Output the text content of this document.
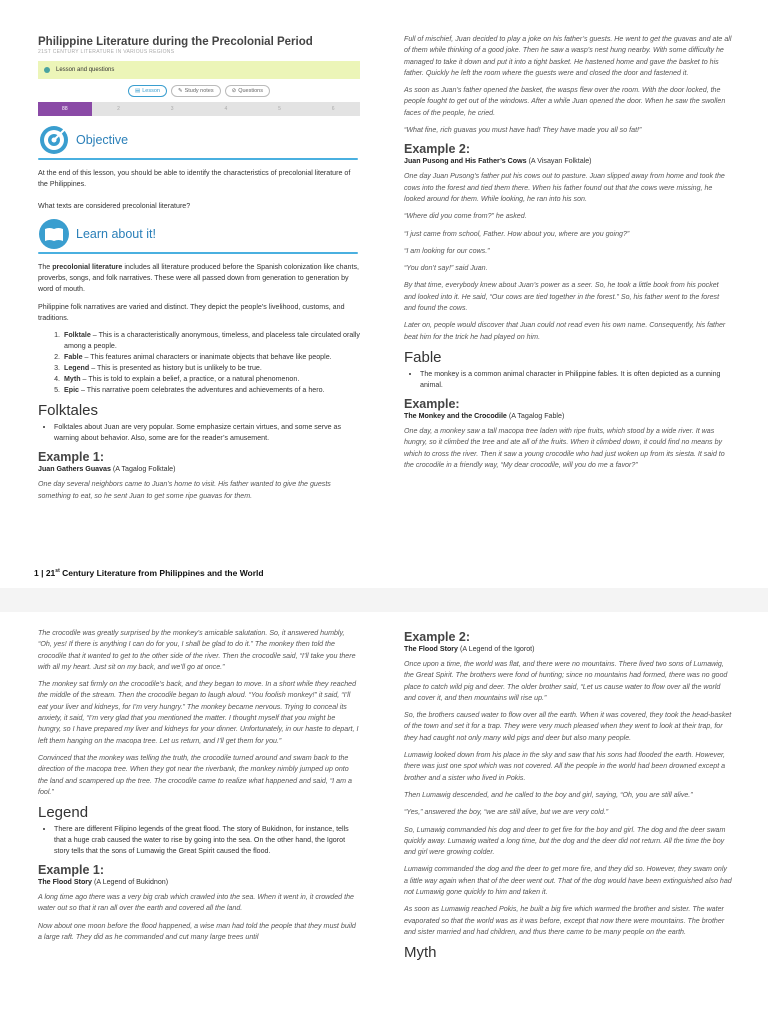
Philippine Literature during the Precolonial Period
21ST CENTURY LITERATURE IN VARIOUS REGIONS
Lesson and questions
▤ Lesson	✎ Study notes	⊘ Questions
88	2	3	4	5	6
Objective

At the end of this lesson, you should be able to identify the characteristics of precolonial literature of the Philippines.

What texts are considered precolonial literature?

Learn about it!

The precolonial literature includes all literature produced before the Spanish colonization like chants, proverbs, songs, and folk narratives. These were all passed down from generation to generation by word of mouth.

Philippine folk narratives are varied and distinct. They depict the people’s livelihood, customs, and traditions.

1. Folktale – This is a characteristically anonymous, timeless, and placeless tale circulated orally among a people.
2. Fable – This features animal characters or inanimate objects that behave like people.
3. Legend – This is presented as history but is unlikely to be true.
4. Myth – This is told to explain a belief, a practice, or a natural phenomenon.
5. Epic – This narrative poem celebrates the adventures and achievements of a hero.
Folktales
• Folktales about Juan are very popular. Some emphasize certain virtues, and some serve as warning about behavior. Also, some are for the reader’s amusement.
Example 1:
Juan Gathers Guavas (A Tagalog Folktale)

One day several neighbors came to Juan’s home to visit. His father wanted to give the guests something to eat, so he sent Juan to get some ripe guavas for them.

Full of mischief, Juan decided to play a joke on his father’s guests. He went to get the guavas and ate all of them while thinking of a good joke. Then he saw a wasp’s nest hung nearby. With some difficulty he managed to take it down and put it into a tight basket. He hastened home and gave the basket to his father. Quickly he left the room where the guests were and closed the door and fastened it.

As soon as Juan’s father opened the basket, the wasps flew over the room. With the door locked, the people fought to get out of the windows. After a while Juan opened the door. When he saw the swollen faces of the people, he cried.

“What fine, rich guavas you must have had! They have made you all so fat!”

Example 2:
Juan Pusong and His Father’s Cows (A Visayan Folktale)

One day Juan Pusong’s father put his cows out to pasture. Juan slipped away from home and took the cows into the forest and tied them there. When his father found out that the cows were missing, he looked around for them. While looking, he ran into his son.

“Where did you come from?” he asked.

“I just came from school, Father. How about you, where are you going?”

“I am looking for our cows.”

“You don’t say!” said Juan.

By that time, everybody knew about Juan’s power as a seer. So, he took a little book from his pocket and looked into it. He said, “Our cows are tied together in the forest.” So, his father went to the forest and found the cows.

Later on, people would discover that Juan could not read even his own name. Consequently, his father beat him for the trick he had played on him.

Fable
• The monkey is a common animal character in Philippine fables. It is often depicted as a cunning animal.
Example:
The Monkey and the Crocodile (A Tagalog Fable)

One day, a monkey saw a tall macopa tree laden with ripe fruits, which stood by a wide river. It was hungry, so it climbed the tree and ate all of the fruits. When it climbed down, it could find no means by which to cross the river. Then it saw a young crocodile who had just woken up from its siesta. It said to the crocodile in a friendly way, “My dear crocodile, will you do me a favor?”

1 | 21st Century Literature from Philippines and the World

The crocodile was greatly surprised by the monkey’s amicable salutation. So, it answered humbly, “Oh, yes! If there is anything I can do for you, I shall be glad to do it.” The monkey then told the crocodile that it wanted to get to the other side of the river. Then the crocodile said, “I’ll take you there with all my heart. Just sit on my back, and we’ll go at once.”

The monkey sat firmly on the crocodile’s back, and they began to move. In a short while they reached the middle of the stream. Then the crocodile began to laugh aloud. “You foolish monkey!” it said, “I’ll eat your liver and kidneys, for I’m very hungry.” The monkey became nervous. Trying to conceal its anxiety, it said, “I’m very glad that you mentioned the matter. I thought myself that you might be hungry, so I have prepared my liver and kidneys for your dinner. Unfortunately, in our haste to depart, I left them hanging on the macopa tree. Let us return, and I’ll get them for you.”

Convinced that the monkey was telling the truth, the crocodile turned around and swam back to the direction of the macopa tree. When they got near the riverbank, the monkey nimbly jumped up onto the land and scampered up the tree. The crocodile came to realize what happened and said, “I am a fool.”

Legend
• There are different Filipino legends of the great flood. The story of Bukidnon, for instance, tells that a huge crab caused the water to rise by going into the sea. On the other hand, the Igorot story tells that the sons of Lumawig the Great Spirit caused the flood.
Example 1:
The Flood Story (A Legend of Bukidnon)

A long time ago there was a very big crab which crawled into the sea. When it went in, it crowded the water out so that it ran all over the earth and covered all the land.

Now about one moon before the flood happened, a wise man had told the people that they must build a large raft. They did as he commanded and cut many large trees until

Example 2:
The Flood Story (A Legend of the Igorot)

Once upon a time, the world was flat, and there were no mountains. There lived two sons of Lumawig, the Great Spirit. The brothers were fond of hunting; since no mountains had formed, there was no good place to catch wild pig and deer. The older brother said, “Let us cause water to flow over all the world and cover it, and then mountains will rise up.”

So, the brothers caused water to flow over all the earth. When it was covered, they took the head-basket of the town and set it for a trap. They were very much pleased when they went to look at their trap, for they had caught not only many wild pigs and deer but also many people.

Lumawig looked down from his place in the sky and saw that his sons had flooded the earth. However, there was just one spot which was not covered. All the people in the world had been drowned except a brother and a sister who lived in Pokis.

Then Lumawig descended, and he called to the boy and girl, saying, “Oh, you are still alive.”

“Yes,” answered the boy, “we are still alive, but we are very cold.”

So, Lumawig commanded his dog and deer to get fire for the boy and girl. The dog and the deer swam quickly away. Lumawig waited a long time, but the dog and the deer did not return. All the time the boy and girl were growing colder.

Lumawig commanded the dog and the deer to get more fire, and they did so. However, they swam only a little way again when that of the deer went out. That of the dog would have been extinguished also had not Lumawig gone quickly to him and taken it.

As soon as Lumawig reached Pokis, he built a big fire which warmed the brother and sister. The water evaporated so that the world was as it was before, except that now there were mountains. The brother and sister married and had children, and thus there came to be many people on the earth.

Myth
